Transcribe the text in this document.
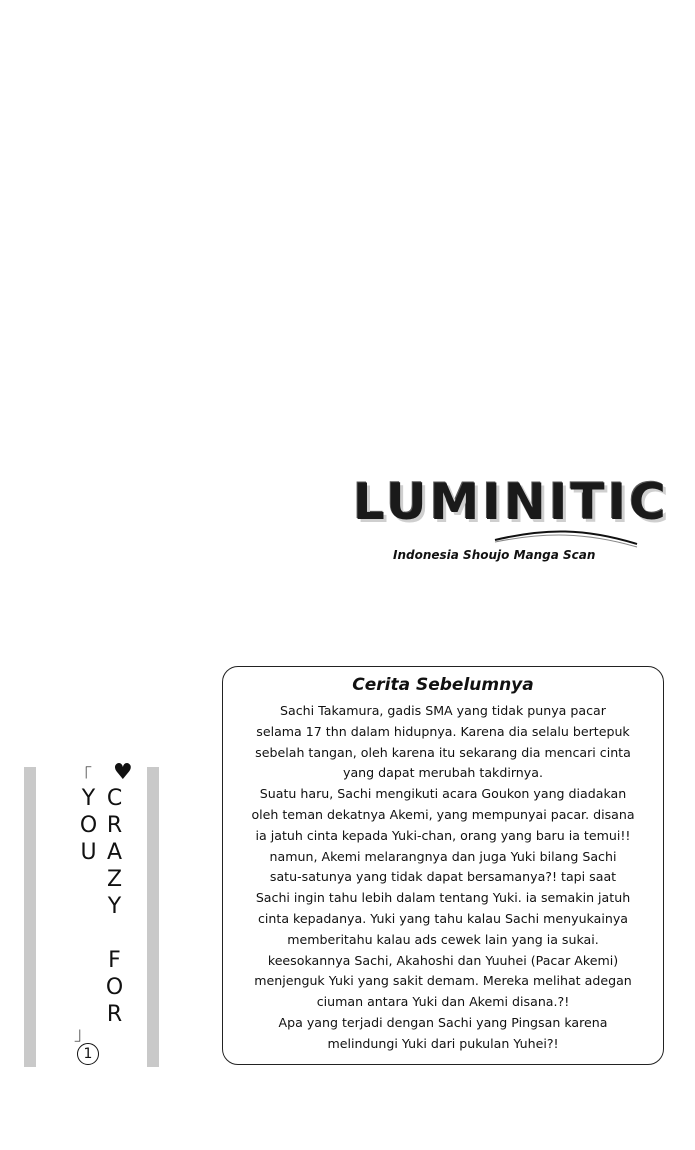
LUMINITIC
Indonesia Shoujo Manga Scan
♥
「
CRAZY FOR YOU
」
1
Cerita Sebelumnya
Sachi Takamura, gadis SMA yang tidak punya pacar
selama 17 thn dalam hidupnya. Karena dia selalu bertepuk
sebelah tangan, oleh karena itu sekarang dia mencari cinta
yang dapat merubah takdirnya.
Suatu haru, Sachi mengikuti acara Goukon yang diadakan
oleh teman dekatnya Akemi, yang mempunyai pacar. disana
ia jatuh cinta kepada Yuki-chan, orang yang baru ia temui!!
namun, Akemi melarangnya dan juga Yuki bilang Sachi
satu-satunya yang tidak dapat bersamanya?! tapi saat
Sachi ingin tahu lebih dalam tentang Yuki. ia semakin jatuh
cinta kepadanya. Yuki yang tahu kalau Sachi menyukainya
memberitahu kalau ads cewek lain yang ia sukai.
keesokannya Sachi, Akahoshi dan Yuuhei (Pacar Akemi)
menjenguk Yuki yang sakit demam. Mereka melihat adegan
ciuman antara Yuki dan Akemi disana.?!
Apa yang terjadi dengan Sachi yang Pingsan karena
melindungi Yuki dari pukulan Yuhei?!
